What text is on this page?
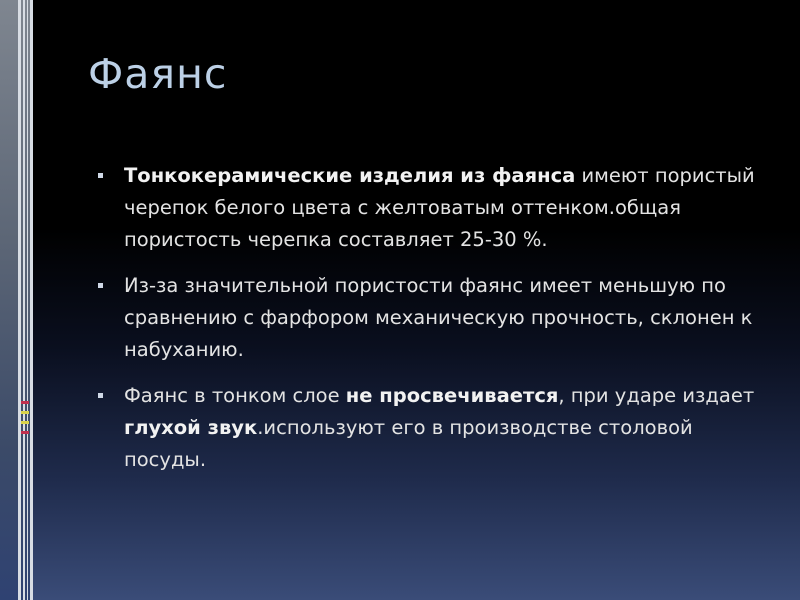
Фаянс
Тонкокерамические изделия из фаянса имеют пористый черепок белого цвета с желтоватым оттенком.общая пористость черепка составляет 25-30 %.
Из-за значительной пористости фаянс имеет меньшую по сравнению с фарфором механическую прочность, склонен к набуханию.
Фаянс в тонком слое не просвечивается, при ударе издает глухой звук.используют его в производстве столовой посуды.
